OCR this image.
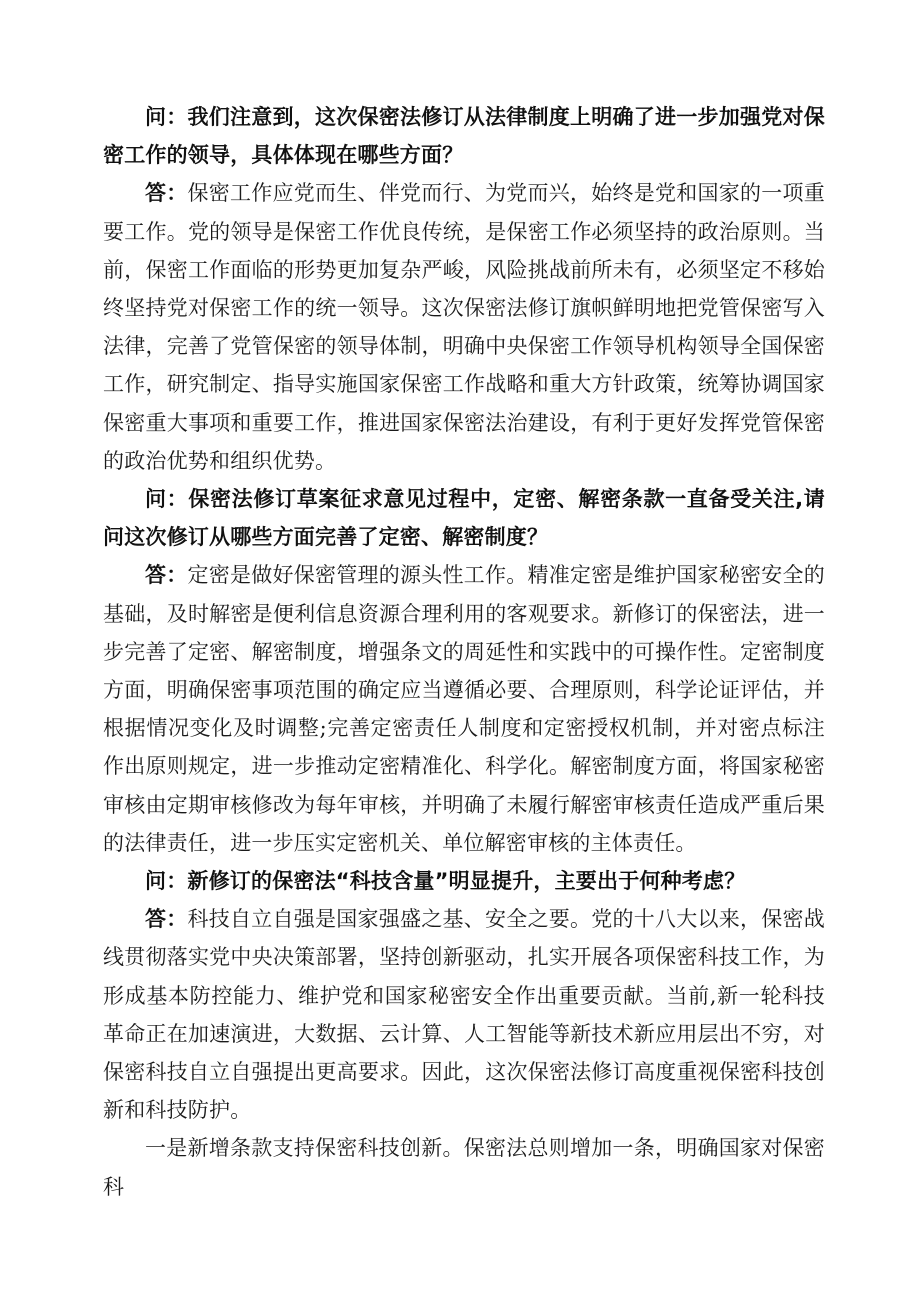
问：我们注意到，这次保密法修订从法律制度上明确了进一步加强党对保密工作的领导，具体体现在哪些方面？

答：保密工作应党而生、伴党而行、为党而兴，始终是党和国家的一项重要工作。党的领导是保密工作优良传统，是保密工作必须坚持的政治原则。当前，保密工作面临的形势更加复杂严峻，风险挑战前所未有，必须坚定不移始终坚持党对保密工作的统一领导。这次保密法修订旗帜鲜明地把党管保密写入法律，完善了党管保密的领导体制，明确中央保密工作领导机构领导全国保密工作，研究制定、指导实施国家保密工作战略和重大方针政策，统筹协调国家保密重大事项和重要工作，推进国家保密法治建设，有利于更好发挥党管保密的政治优势和组织优势。

问：保密法修订草案征求意见过程中，定密、解密条款一直备受关注,请问这次修订从哪些方面完善了定密、解密制度？

答：定密是做好保密管理的源头性工作。精准定密是维护国家秘密安全的基础，及时解密是便利信息资源合理利用的客观要求。新修订的保密法，进一步完善了定密、解密制度，增强条文的周延性和实践中的可操作性。定密制度方面，明确保密事项范围的确定应当遵循必要、合理原则，科学论证评估，并根据情况变化及时调整;完善定密责任人制度和定密授权机制，并对密点标注作出原则规定，进一步推动定密精准化、科学化。解密制度方面，将国家秘密审核由定期审核修改为每年审核，并明确了未履行解密审核责任造成严重后果的法律责任，进一步压实定密机关、单位解密审核的主体责任。

问：新修订的保密法“科技含量”明显提升，主要出于何种考虑？

答：科技自立自强是国家强盛之基、安全之要。党的十八大以来，保密战线贯彻落实党中央决策部署，坚持创新驱动，扎实开展各项保密科技工作，为形成基本防控能力、维护党和国家秘密安全作出重要贡献。当前,新一轮科技革命正在加速演进，大数据、云计算、人工智能等新技术新应用层出不穷，对保密科技自立自强提出更高要求。因此，这次保密法修订高度重视保密科技创新和科技防护。

一是新增条款支持保密科技创新。保密法总则增加一条，明确国家对保密科
